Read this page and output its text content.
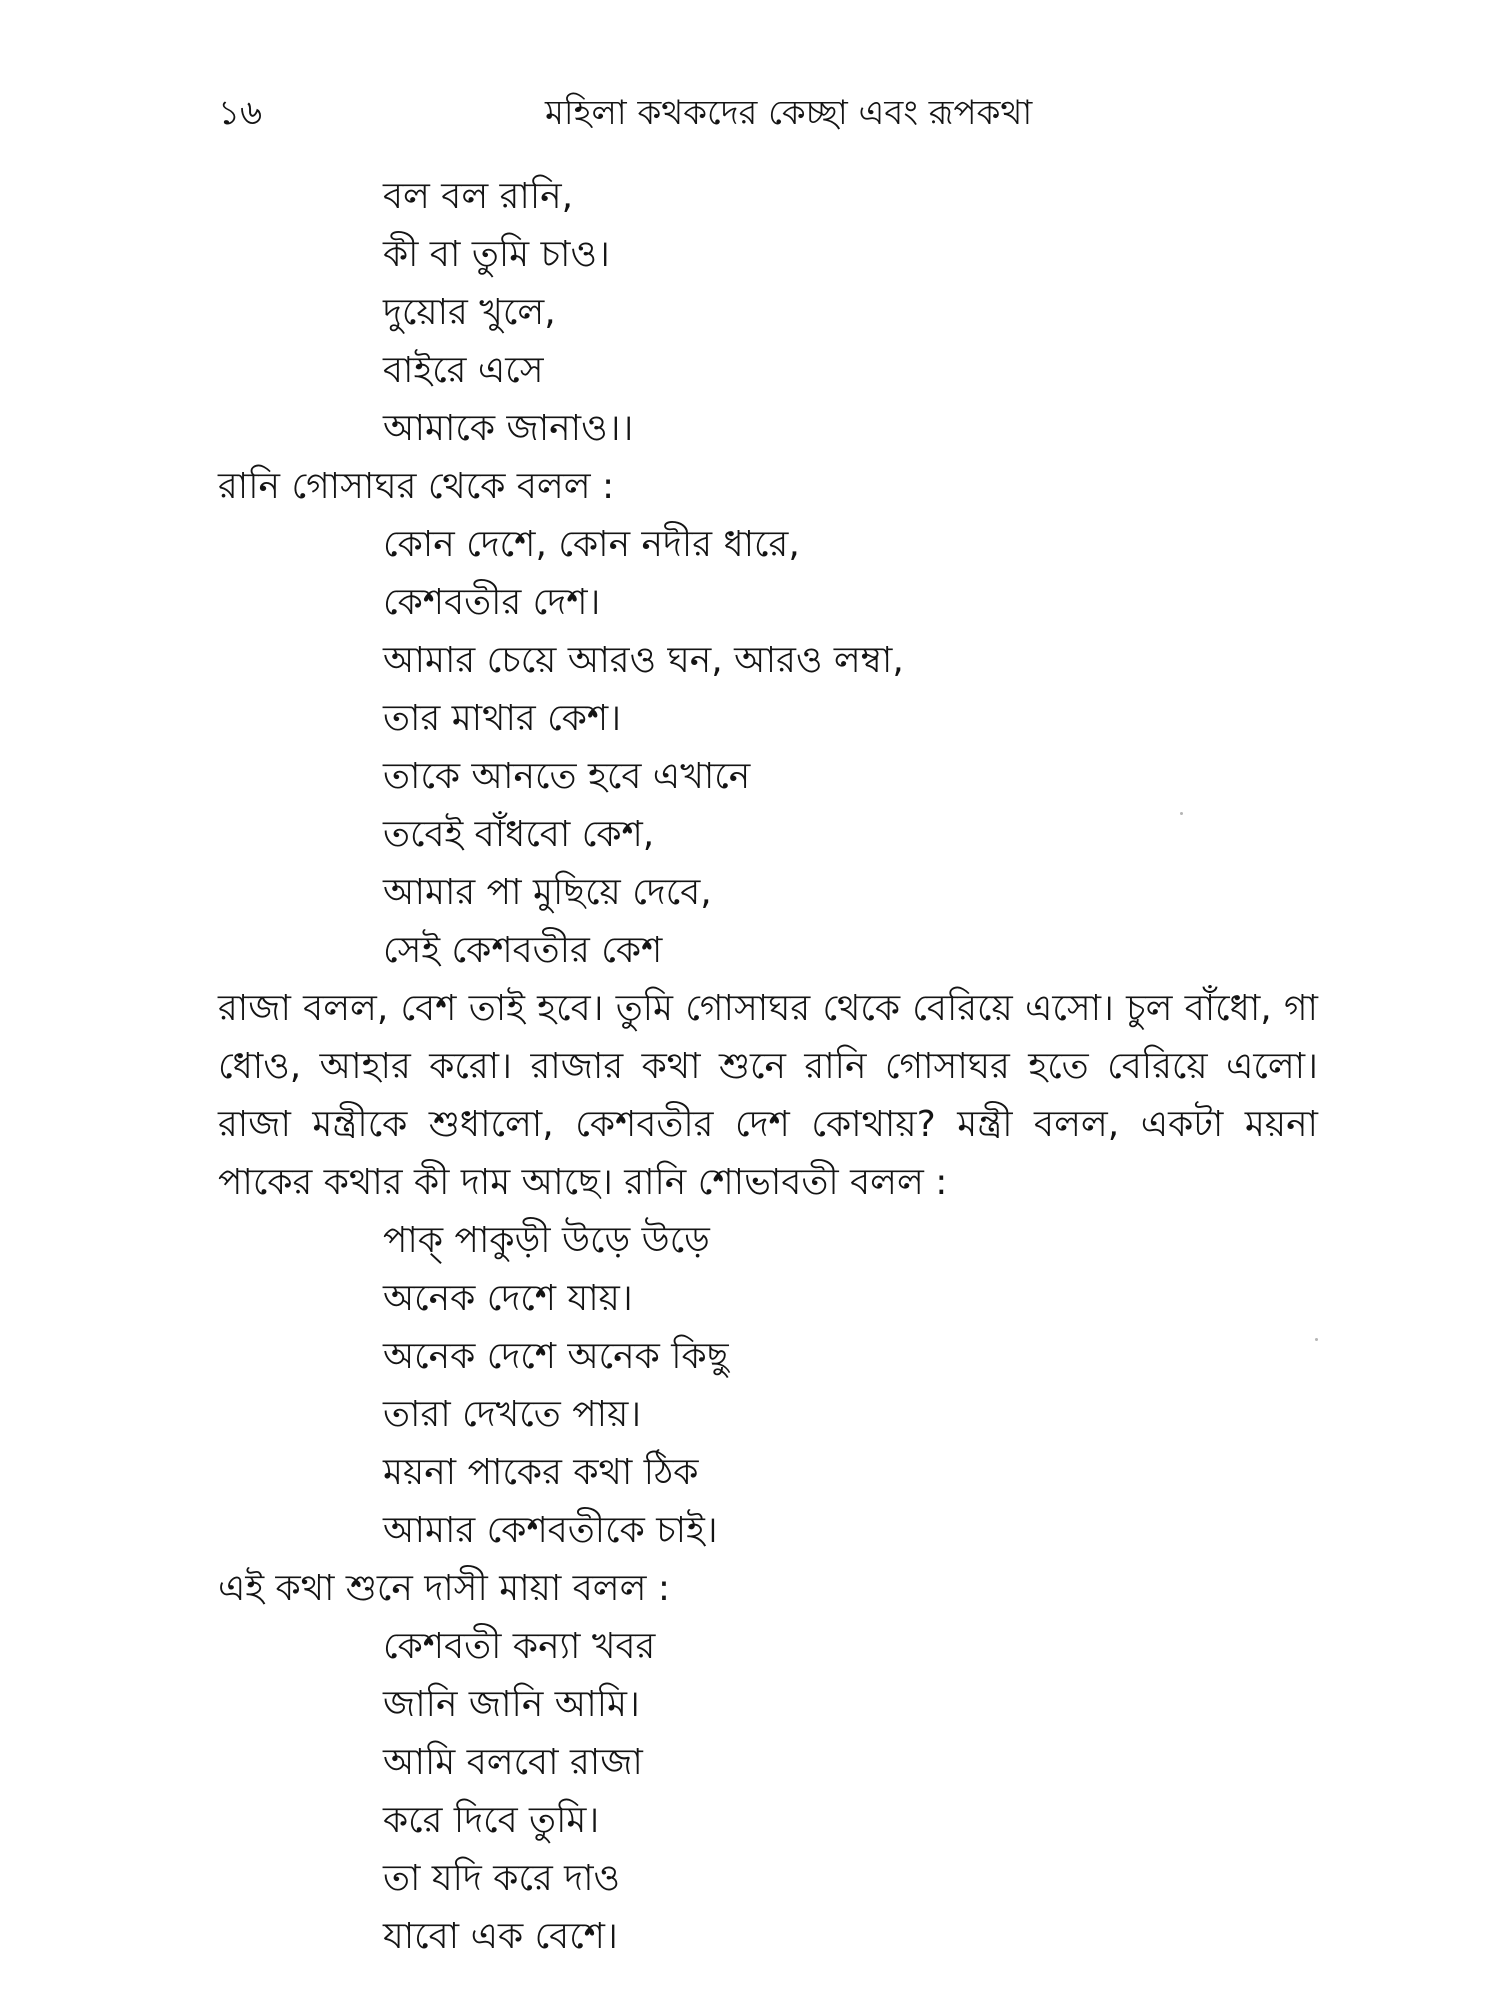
১৬	মহিলা কথকদের কেচ্ছা এবং রূপকথা
বল বল রানি,
কী বা তুমি চাও।
দুয়োর খুলে,
বাইরে এসে
আমাকে জানাও।।
রানি গোসাঘর থেকে বলল :
কোন দেশে, কোন নদীর ধারে,
কেশবতীর দেশ।
আমার চেয়ে আরও ঘন, আরও লম্বা,
তার মাথার কেশ।
তাকে আনতে হবে এখানে
তবেই বাঁধবো কেশ,
আমার পা মুছিয়ে দেবে,
সেই কেশবতীর কেশ

রাজা বলল, বেশ তাই হবে। তুমি গোসাঘর থেকে বেরিয়ে এসো। চুল বাঁধো, গা ধোও, আহার করো। রাজার কথা শুনে রানি গোসাঘর হতে বেরিয়ে এলো। রাজা মন্ত্রীকে শুধালো, কেশবতীর দেশ কোথায়? মন্ত্রী বলল, একটা ময়না পাকের কথার কী দাম আছে। রানি শোভাবতী বলল :

পাক্ পাকুড়ী উড়ে উড়ে
অনেক দেশে যায়।
অনেক দেশে অনেক কিছু
তারা দেখতে পায়।
ময়না পাকের কথা ঠিক
আমার কেশবতীকে চাই।
এই কথা শুনে দাসী মায়া বলল :
কেশবতী কন্যা খবর
জানি জানি আমি।
আমি বলবো রাজা
করে দিবে তুমি।
তা যদি করে দাও
যাবো এক বেশে।
